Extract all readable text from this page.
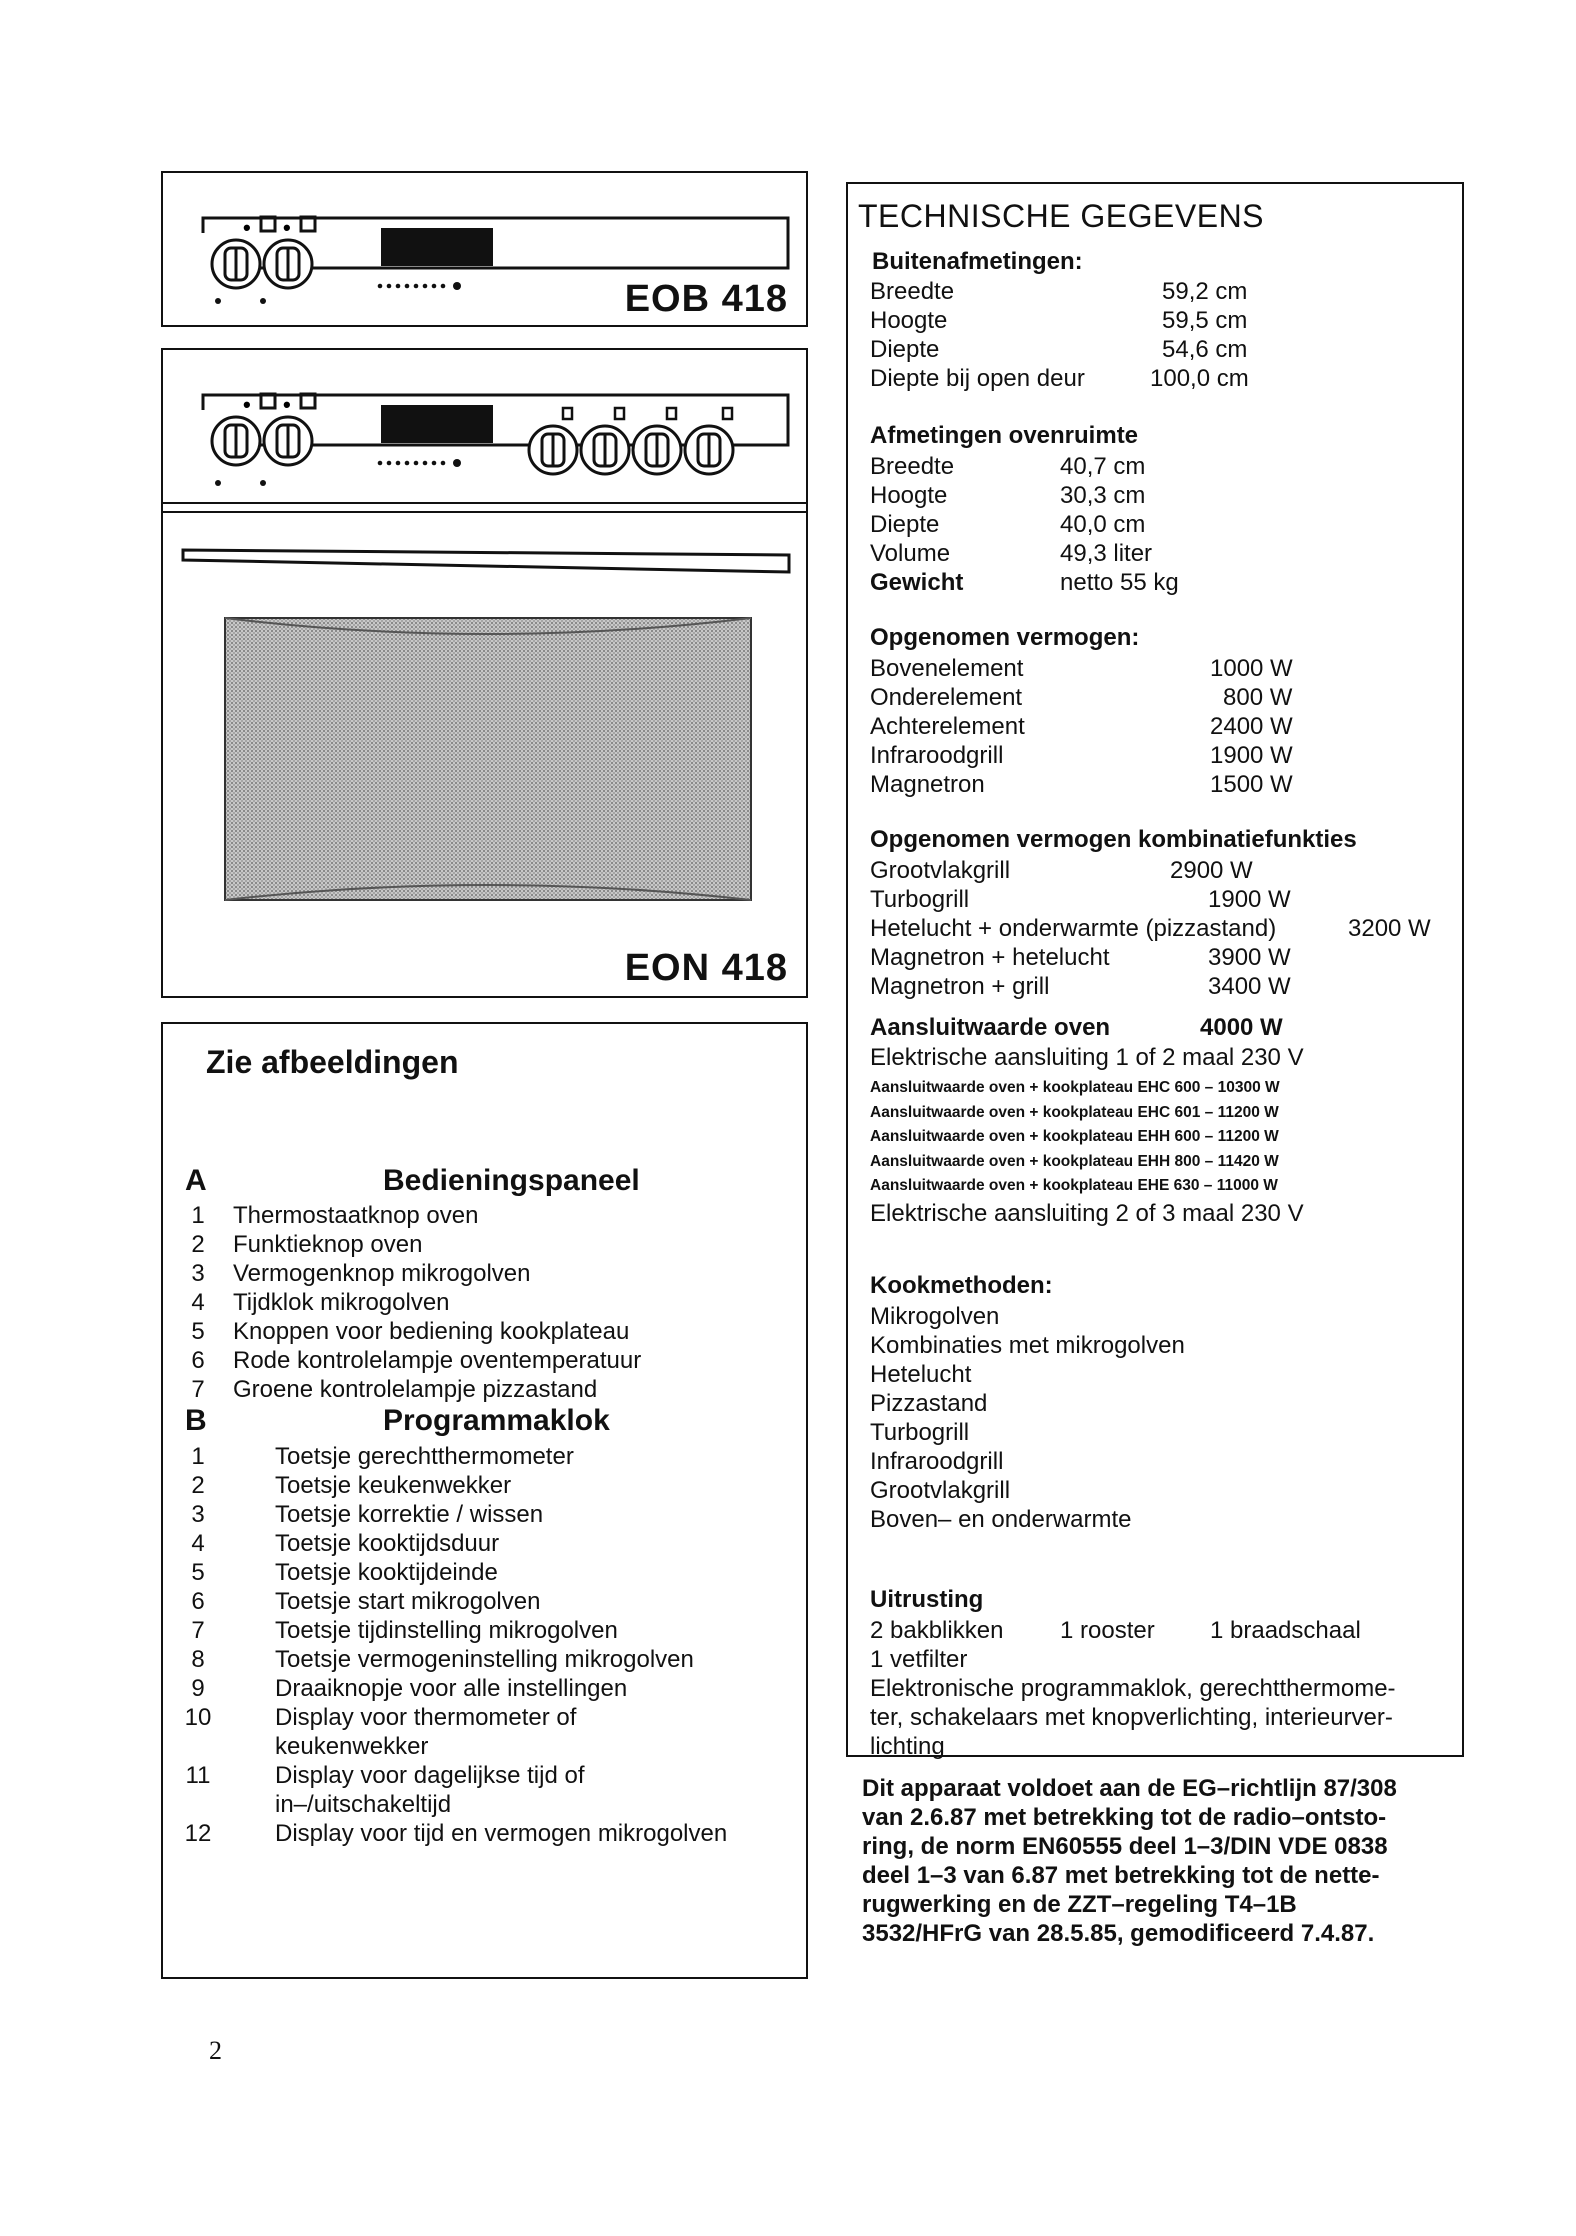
• •
EOB 418
• •
EON 418
Zie afbeeldingen
A	Bedieningspaneel
1	Thermostaatknop oven
2	Funktieknop oven
3	Vermogenknop mikrogolven
4	Tijdklok mikrogolven
5	Knoppen voor bediening kookplateau
6	Rode kontrolelampje oventemperatuur
7	Groene kontrolelampje pizzastand
B	Programmaklok
1	Toetsje gerechtthermometer
2	Toetsje keukenwekker
3	Toetsje korrektie / wissen
4	Toetsje kooktijdsduur
5	Toetsje kooktijdeinde
6	Toetsje start mikrogolven
7	Toetsje tijdinstelling mikrogolven
8	Toetsje vermogeninstelling mikrogolven
9	Draaiknopje voor alle instellingen
10	Display voor thermometer of
keukenwekker
11	Display voor dagelijkse tijd of
in–/uitschakeltijd
12	Display voor tijd en vermogen mikrogolven
TECHNISCHE GEGEVENS
Buitenafmetingen:
Breedte	59,2 cm
Hoogte	59,5 cm
Diepte	54,6 cm
Diepte bij open deur	100,0 cm
Afmetingen ovenruimte
Breedte	40,7 cm
Hoogte	30,3 cm
Diepte	40,0 cm
Volume	49,3 liter
Gewicht	netto 55 kg
Opgenomen vermogen:
Bovenelement	1000 W
Onderelement	800 W
Achterelement	2400 W
Infraroodgrill	1900 W
Magnetron	1500 W
Opgenomen vermogen kombinatiefunkties
Grootvlakgrill	2900 W
Turbogrill	1900 W
Hetelucht + onderwarmte (pizzastand)	3200 W
Magnetron + hetelucht	3900 W
Magnetron + grill	3400 W
Aansluitwaarde oven	4000 W
Elektrische aansluiting 1 of 2 maal 230 V
Aansluitwaarde oven + kookplateau EHC 600 – 10300 W
Aansluitwaarde oven + kookplateau EHC 601 – 11200 W
Aansluitwaarde oven + kookplateau EHH 600 – 11200 W
Aansluitwaarde oven + kookplateau EHH 800 – 11420 W
Aansluitwaarde oven + kookplateau EHE 630 – 11000 W
Elektrische aansluiting 2 of 3 maal 230 V
Kookmethoden:
Mikrogolven
Kombinaties met mikrogolven
Hetelucht
Pizzastand
Turbogrill
Infraroodgrill
Grootvlakgrill
Boven– en onderwarmte
Uitrusting
2 bakblikken 1 rooster 1 braadschaal
1 vetfilter
Elektronische programmaklok, gerechtthermome-
ter, schakelaars met knopverlichting, interieurver-
lichting
Dit apparaat voldoet aan de EG–richtlijn 87/308
van 2.6.87 met betrekking tot de radio–ontsto-
ring, de norm EN60555 deel 1–3/DIN VDE 0838
deel 1–3 van 6.87 met betrekking tot de nette-
rugwerking en de ZZT–regeling T4–1B
3532/HFrG van 28.5.85, gemodificeerd 7.4.87.
2
